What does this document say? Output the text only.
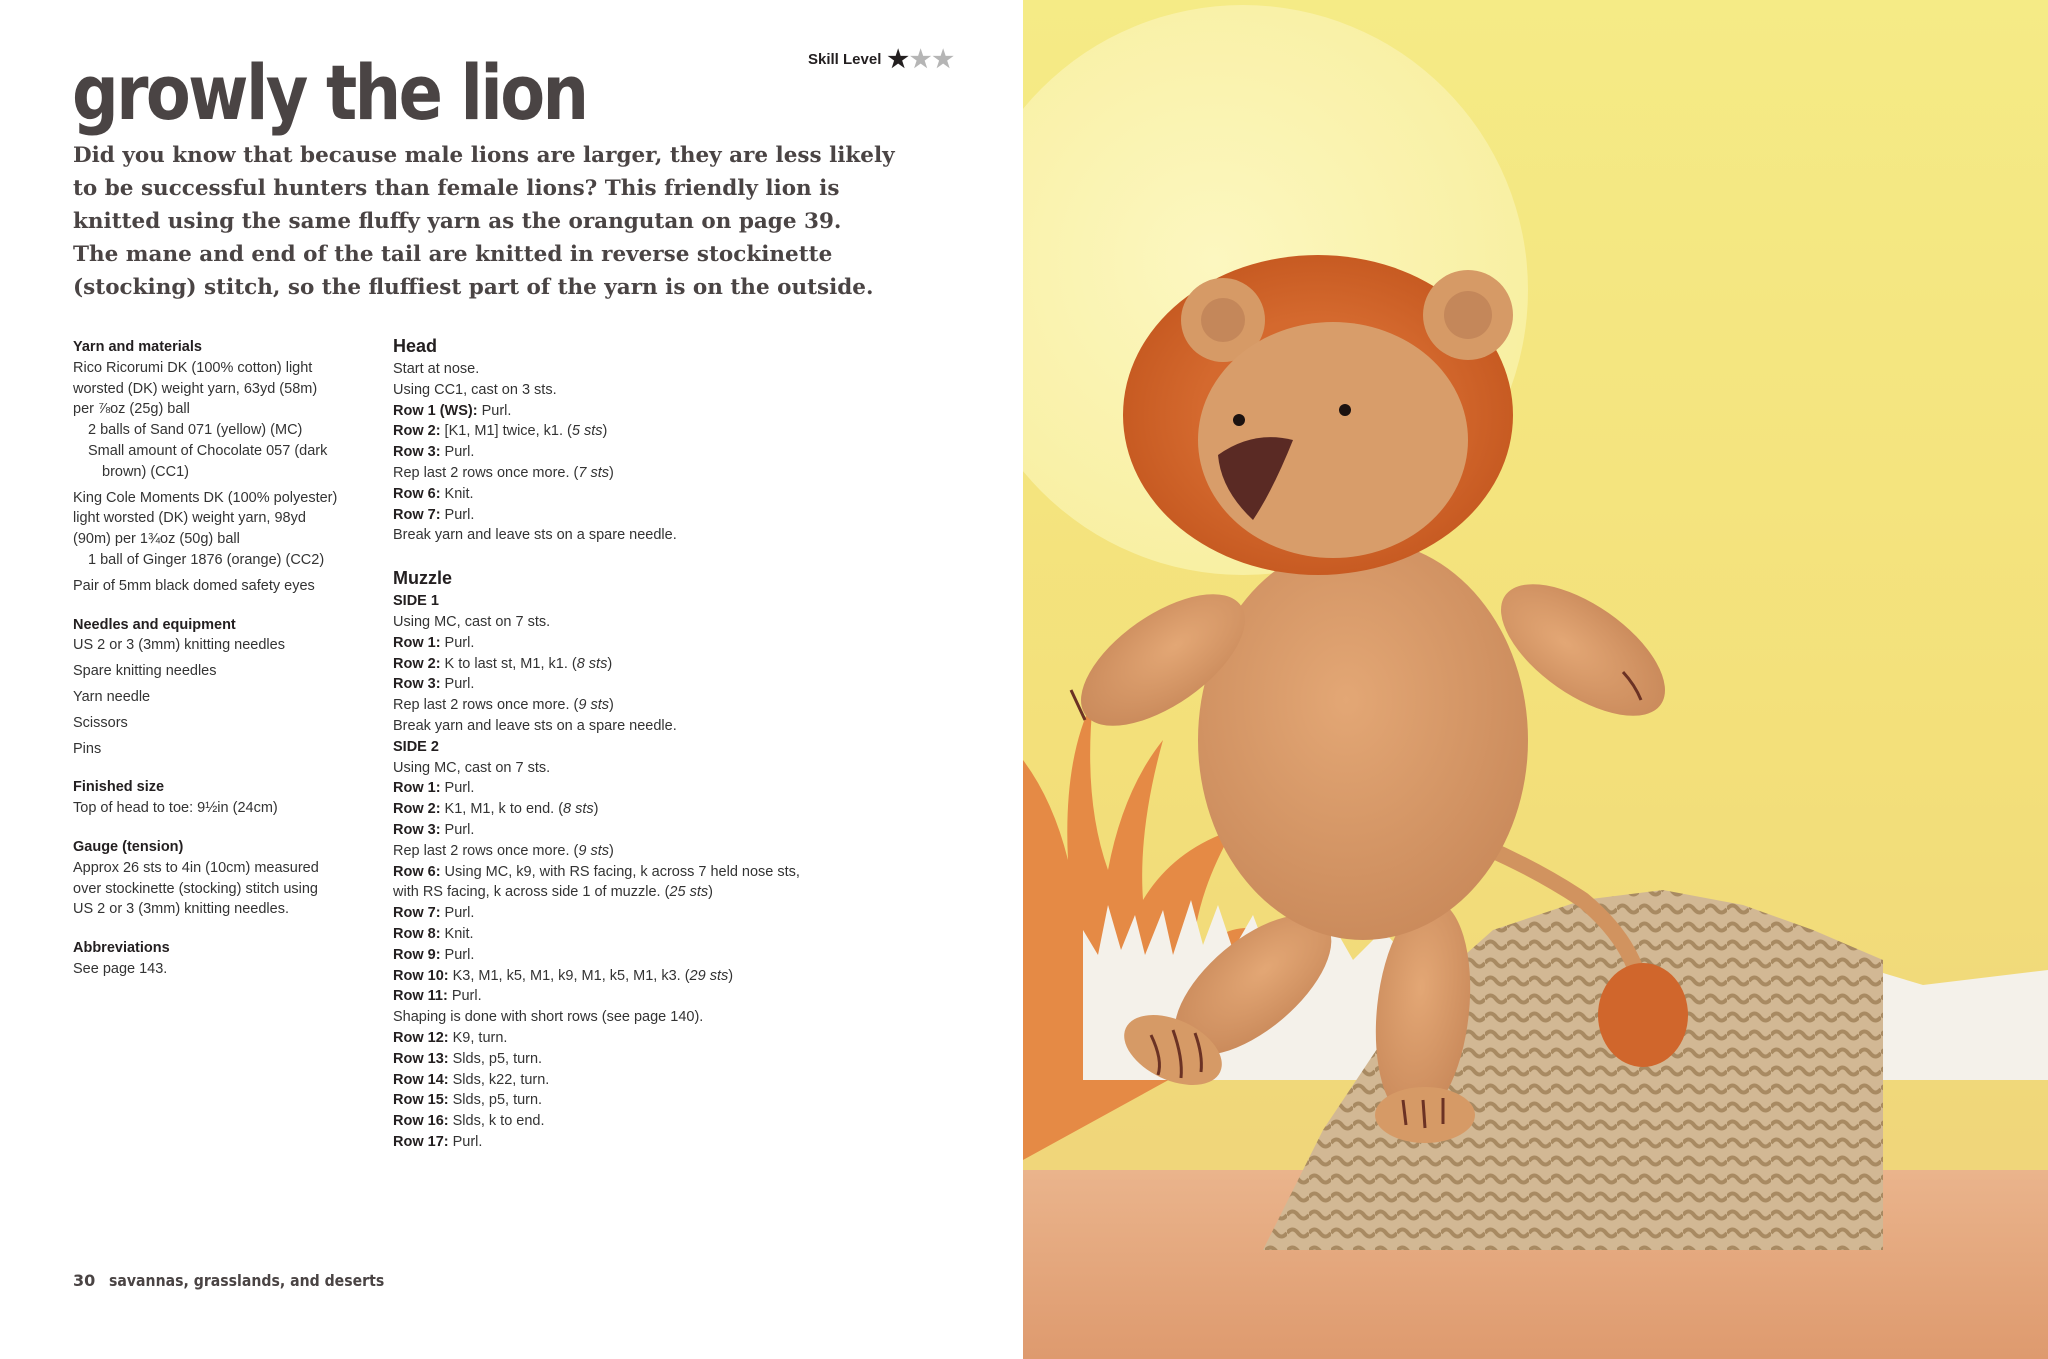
Skill Level ★★★
growly the lion

Did you know that because male lions are larger, they are less likely

to be successful hunters than female lions? This friendly lion is

knitted using the same fluffy yarn as the orangutan on page 39.

The mane and end of the tail are knitted in reverse stockinette

(stocking) stitch, so the fluffiest part of the yarn is on the outside.

Yarn and materials
Rico Ricorumi DK (100% cotton) light
worsted (DK) weight yarn, 63yd (58m)
per ⅞oz (25g) ball
2 balls of Sand 071 (yellow) (MC)
Small amount of Chocolate 057 (dark
brown) (CC1)
King Cole Moments DK (100% polyester)
light worsted (DK) weight yarn, 98yd
(90m) per 1¾oz (50g) ball
1 ball of Ginger 1876 (orange) (CC2)
Pair of 5mm black domed safety eyes
Needles and equipment
US 2 or 3 (3mm) knitting needles
Spare knitting needles
Yarn needle
Scissors
Pins
Finished size
Top of head to toe: 9½in (24cm)
Gauge (tension)
Approx 26 sts to 4in (10cm) measured
over stockinette (stocking) stitch using
US 2 or 3 (3mm) knitting needles.
Abbreviations
See page 143.
Head
Start at nose.
Using CC1, cast on 3 sts.
Row 1 (WS): Purl.
Row 2: [K1, M1] twice, k1. (5 sts)
Row 3: Purl.
Rep last 2 rows once more. (7 sts)
Row 6: Knit.
Row 7: Purl.
Break yarn and leave sts on a spare needle.
Muzzle
SIDE 1
Using MC, cast on 7 sts.
Row 1: Purl.
Row 2: K to last st, M1, k1. (8 sts)
Row 3: Purl.
Rep last 2 rows once more. (9 sts)
Break yarn and leave sts on a spare needle.
SIDE 2
Using MC, cast on 7 sts.
Row 1: Purl.
Row 2: K1, M1, k to end. (8 sts)
Row 3: Purl.
Rep last 2 rows once more. (9 sts)
Row 6: Using MC, k9, with RS facing, k across 7 held nose sts,
with RS facing, k across side 1 of muzzle. (25 sts)
Row 7: Purl.
Row 8: Knit.
Row 9: Purl.
Row 10: K3, M1, k5, M1, k9, M1, k5, M1, k3. (29 sts)
Row 11: Purl.
Shaping is done with short rows (see page 140).
Row 12: K9, turn.
Row 13: Slds, p5, turn.
Row 14: Slds, k22, turn.
Row 15: Slds, p5, turn.
Row 16: Slds, k to end.
Row 17: Purl.
30 savannas, grasslands, and deserts
